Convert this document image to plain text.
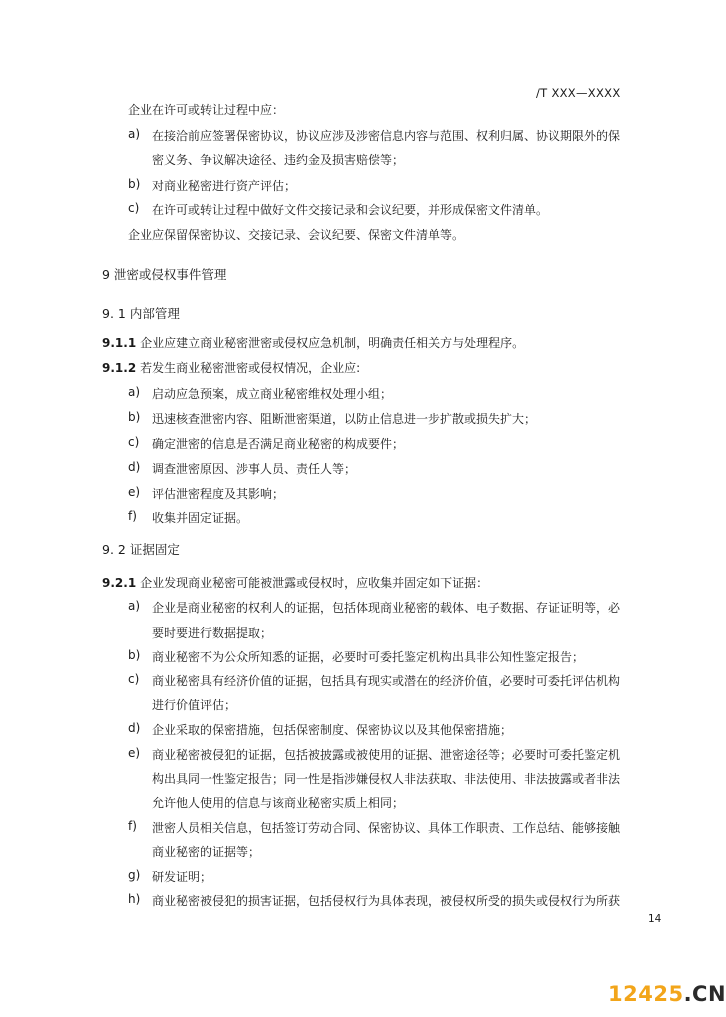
/T XXX—XXXX
企业在许可或转让过程中应：
a) 在接洽前应签署保密协议，协议应涉及涉密信息内容与范围、权利归属、协议期限外的保
密义务、争议解决途径、违约金及损害赔偿等；
b) 对商业秘密进行资产评估；
c) 在许可或转让过程中做好文件交接记录和会议纪要，并形成保密文件清单。
企业应保留保密协议、交接记录、会议纪要、保密文件清单等。
9 泄密或侵权事件管理
9. 1 内部管理
9.1.1 企业应建立商业秘密泄密或侵权应急机制，明确责任相关方与处理程序。
9.1.2 若发生商业秘密泄密或侵权情况，企业应:
a) 启动应急预案，成立商业秘密维权处理小组；
b) 迅速核查泄密内容、阻断泄密渠道，以防止信息进一步扩散或损失扩大；
c) 确定泄密的信息是否满足商业秘密的构成要件；
d) 调查泄密原因、涉事人员、责任人等；
e) 评估泄密程度及其影响；
f) 收集并固定证据。
9. 2 证据固定
9.2.1 企业发现商业秘密可能被泄露或侵权时，应收集并固定如下证据：
a) 企业是商业秘密的权利人的证据，包括体现商业秘密的载体、电子数据、存证证明等，必
要时要进行数据提取；
b) 商业秘密不为公众所知悉的证据，必要时可委托鉴定机构出具非公知性鉴定报告；
c) 商业秘密具有经济价值的证据，包括具有现实或潜在的经济价值，必要时可委托评估机构
进行价值评估；
d) 企业采取的保密措施，包括保密制度、保密协议以及其他保密措施；
e) 商业秘密被侵犯的证据，包括被披露或被使用的证据、泄密途径等；必要时可委托鉴定机
构出具同一性鉴定报告；同一性是指涉嫌侵权人非法获取、非法使用、非法披露或者非法
允许他人使用的信息与该商业秘密实质上相同；
f) 泄密人员相关信息，包括签订劳动合同、保密协议、具体工作职责、工作总结、能够接触
商业秘密的证据等；
g) 研发证明；
h) 商业秘密被侵犯的损害证据，包括侵权行为具体表现，被侵权所受的损失或侵权行为所获
14
12425.CN
